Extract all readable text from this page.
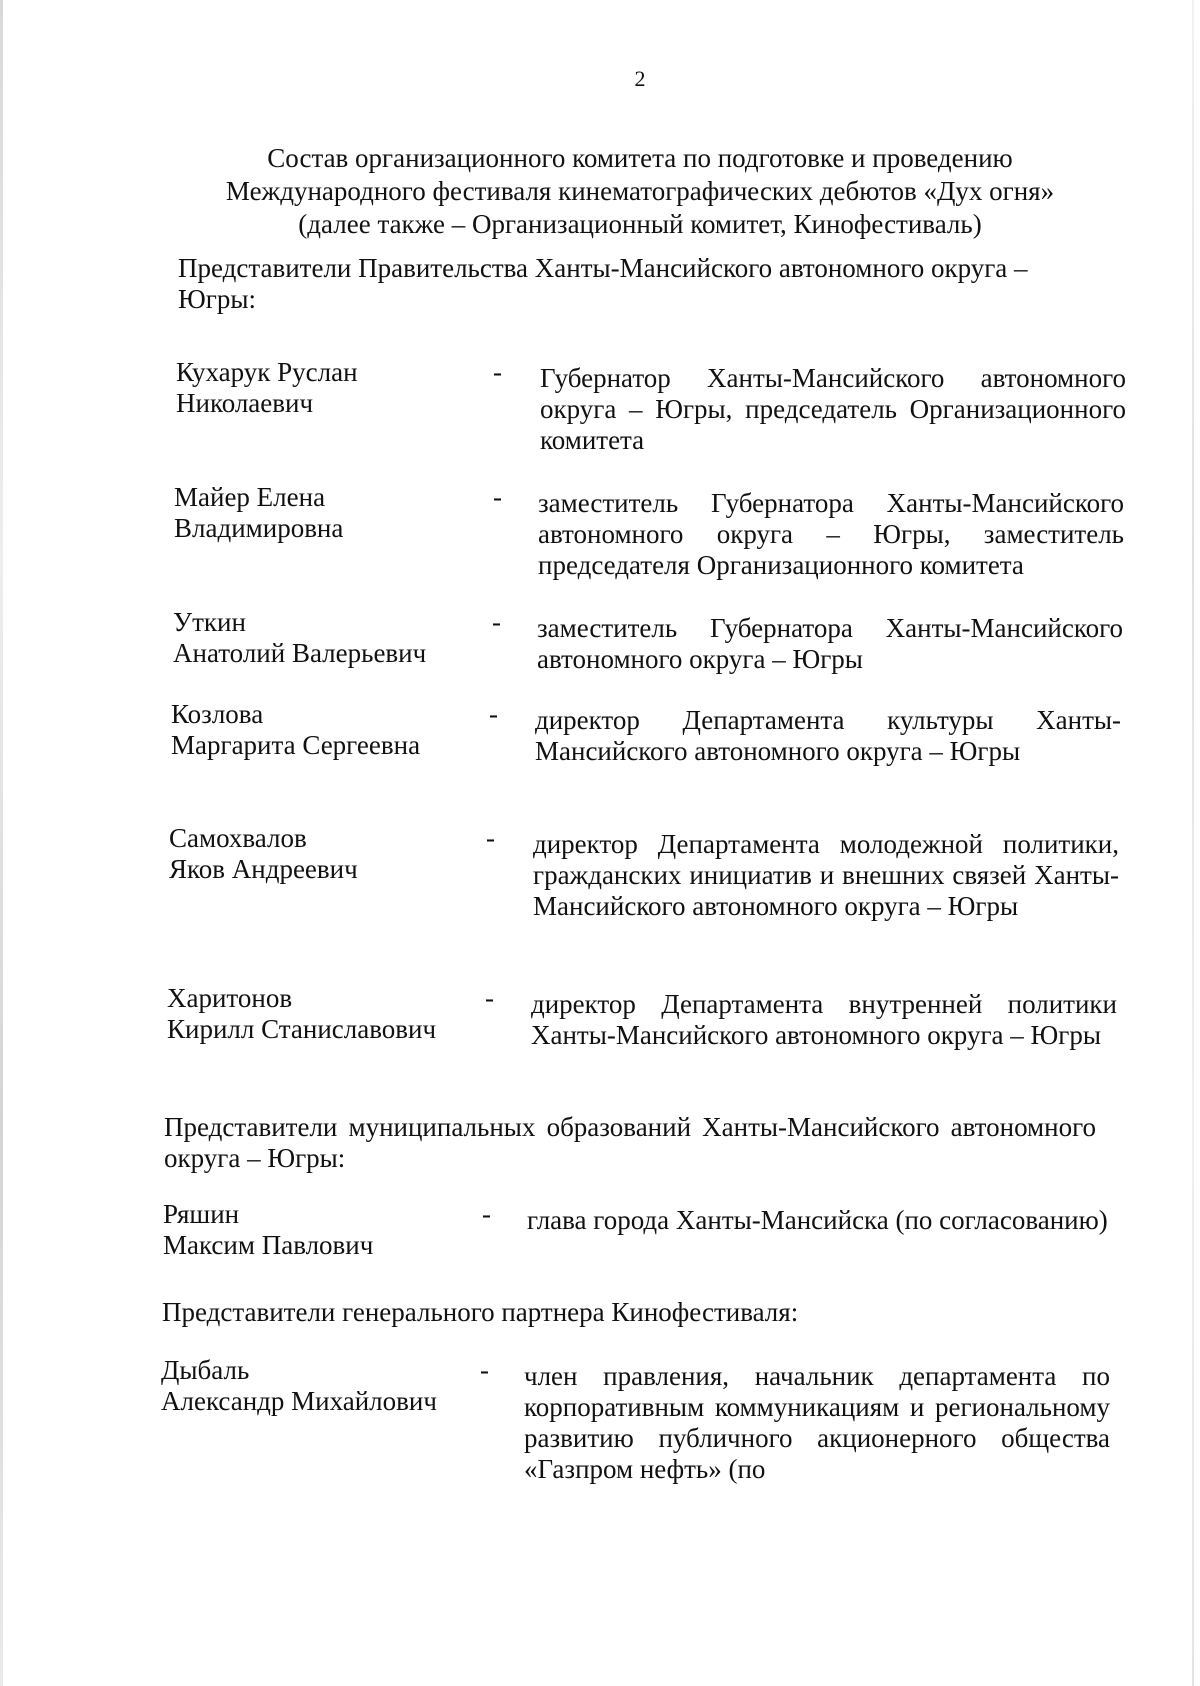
2
Состав организационного комитета по подготовке и проведению
Международного фестиваля кинематографических дебютов «Дух огня»
(далее также – Организационный комитет, Кинофестиваль)
Представители Правительства Ханты-Мансийского автономного округа – Югры:
Кухарук Руслан
Николаевич
-	Губернатор Ханты-Мансийского автономного округа – Югры, председатель Организационного комитета
Майер Елена
Владимировна
-	заместитель Губернатора Ханты-Мансийского автономного округа – Югры, заместитель председателя Организационного комитета
Уткин
Анатолий Валерьевич
-	заместитель Губернатора Ханты-Мансийского автономного округа – Югры
Козлова
Маргарита Сергеевна
-	директор Департамента культуры Ханты-Мансийского автономного округа – Югры
Самохвалов
Яков Андреевич
-	директор Департамента молодежной политики, гражданских инициатив и внешних связей Ханты-Мансийского автономного округа – Югры
Харитонов
Кирилл Станиславович
-	директор Департамента внутренней политики Ханты-Мансийского автономного округа – Югры
Представители муниципальных образований Ханты-Мансийского автономного округа – Югры:
Ряшин
Максим Павлович
-	глава города Ханты-Мансийска (по согласованию)
Представители генерального партнера Кинофестиваля:
Дыбаль
Александр Михайлович
-	член правления, начальник департамента по корпоративным коммуникациям и региональному развитию публичного акционерного общества «Газпром нефть» (по
